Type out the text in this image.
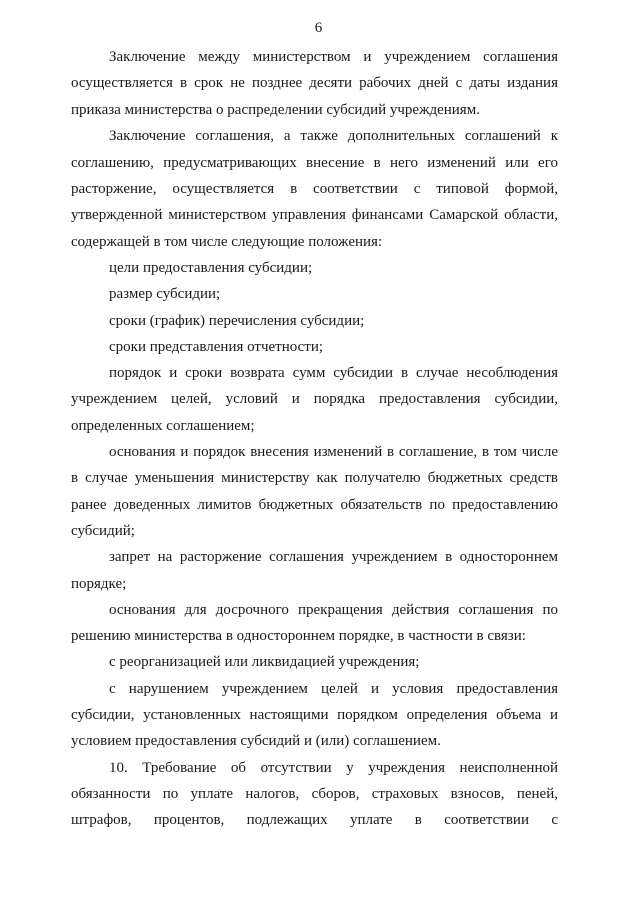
6

Заключение между министерством и учреждением соглашения осуществляется в срок не позднее десяти рабочих дней с даты издания приказа министерства о распределении субсидий учреждениям.

Заключение соглашения, а также дополнительных соглашений к соглашению, предусматривающих внесение в него изменений или его расторжение, осуществляется в соответствии с типовой формой, утвержденной министерством управления финансами Самарской области, содержащей в том числе следующие положения:

цели предоставления субсидии;

размер субсидии;

сроки (график) перечисления субсидии;

сроки представления отчетности;

порядок и сроки возврата сумм субсидии в случае несоблюдения учреждением целей, условий и порядка предоставления субсидии, определенных соглашением;

основания и порядок внесения изменений в соглашение, в том числе в случае уменьшения министерству как получателю бюджетных средств ранее доведенных лимитов бюджетных обязательств по предоставлению субсидий;

запрет на расторжение соглашения учреждением в одностороннем порядке;

основания для досрочного прекращения действия соглашения по решению министерства в одностороннем порядке, в частности в связи:

с реорганизацией или ликвидацией учреждения;

с нарушением учреждением целей и условия предоставления субсидии, установленных настоящими порядком определения объема и условием предоставления субсидий и (или) соглашением.

10. Требование об отсутствии у учреждения неисполненной обязанности по уплате налогов, сборов, страховых взносов, пеней, штрафов, процентов, подлежащих уплате в соответствии с
